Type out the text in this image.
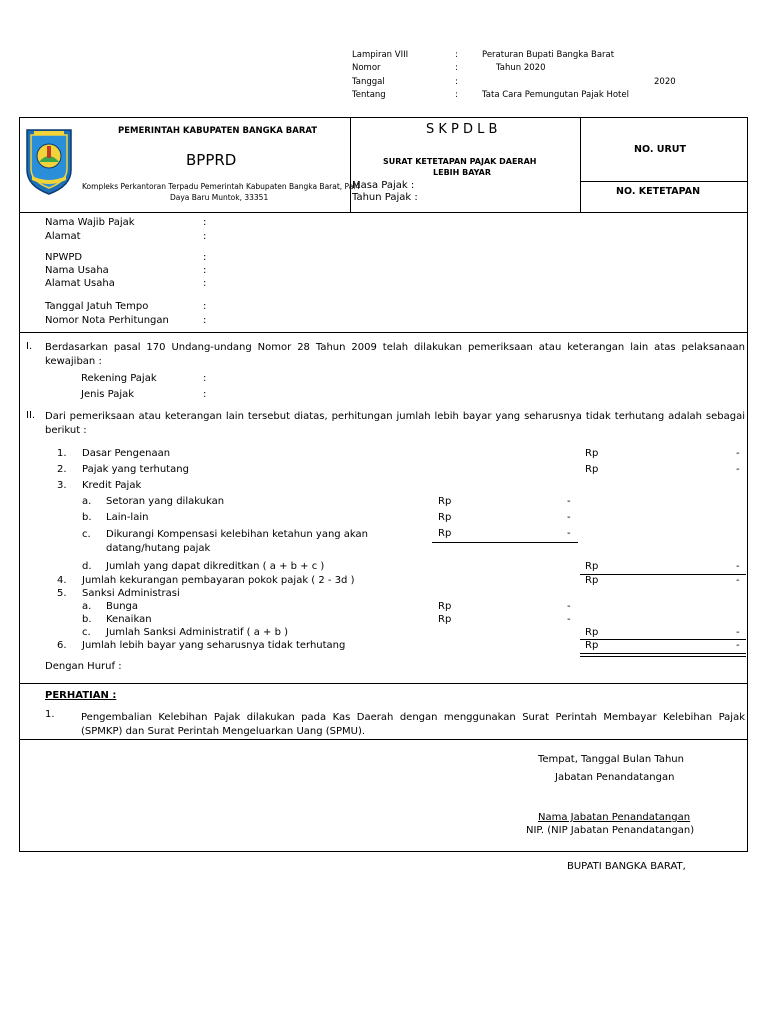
Lampiran VIII	:	Peraturan Bupati Bangka Barat
Nomor	:	Tahun 2020
Tanggal	:	2020
Tentang	:	Tata Cara Pemungutan Pajak Hotel
PEMERINTAH KABUPATEN BANGKA BARAT
BPPRD
Kompleks Perkantoran Terpadu Pemerintah Kabupaten Bangka Barat, Pal4
Daya Baru Muntok, 33351
S K P D L B
SURAT KETETAPAN PAJAK DAERAH
LEBIH BAYAR
Masa Pajak :
Tahun Pajak :
NO. URUT
NO. KETETAPAN
Nama Wajib Pajak	:
Alamat	:
NPWPD	:
Nama Usaha	:
Alamat Usaha	:
Tanggal Jatuh Tempo	:
Nomor Nota Perhitungan	:
I. Berdasarkan pasal 170 Undang-undang Nomor 28 Tahun 2009 telah dilakukan pemeriksaan atau keterangan lain atas pelaksanaan kewajiban :
Rekening Pajak	:
Jenis Pajak	:
II. Dari pemeriksaan atau keterangan lain tersebut diatas, perhitungan jumlah lebih bayar yang seharusnya tidak terhutang adalah sebagai berikut :
1. Dasar Pengenaan	Rp	-
2. Pajak yang terhutang	Rp	-
3. Kredit Pajak
a. Setoran yang dilakukan	Rp	-
b. Lain-lain	Rp	-
c. Dikurangi Kompensasi kelebihan ketahun yang akan
datang/hutang pajak
Rp	-
d. Jumlah yang dapat dikreditkan ( a + b + c )	Rp	-
4. Jumlah kekurangan pembayaran pokok pajak ( 2 - 3d )	Rp	-
5. Sanksi Administrasi
a. Bunga	Rp	-
b. Kenaikan	Rp	-
c. Jumlah Sanksi Administratif ( a + b )	Rp	-
6. Jumlah lebih bayar yang seharusnya tidak terhutang	Rp	-
Dengan Huruf :
PERHATIAN :
1.	Pengembalian Kelebihan Pajak dilakukan pada Kas Daerah dengan menggunakan Surat Perintah Membayar Kelebihan Pajak (SPMKP) dan Surat Perintah Mengeluarkan Uang (SPMU).
Tempat, Tanggal Bulan Tahun
Jabatan Penandatangan
Nama Jabatan Penandatangan
NIP. (NIP Jabatan Penandatangan)
BUPATI BANGKA BARAT,
